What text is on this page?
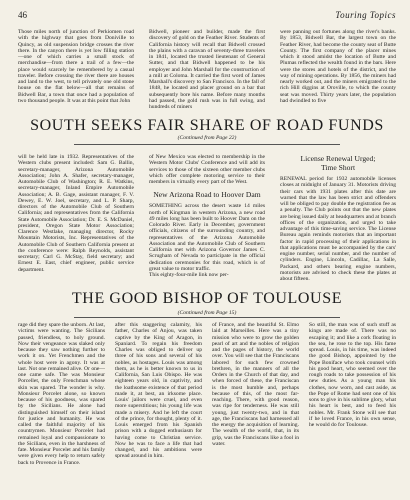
46	Touring Topics

Those miles north of junction of Perkiomen road with the highway that goes from Doniville to Quincy, as old suspension bridge crosses the river there. In the canyon there is yet low filling station—one of which carries a small stock of merchandise—from there a trail of a few—the place would scarcely be remembered by a casual traveler. Before crossing the river there are houses and land to the west, to tell privately one old stone house on the flat below—all that remains of Bidwell Bar, a town that once had a population of two thousand people. It was at this point that John

Bidwell, pioneer and builder, made the first discovery of gold on the Feather River. Students of California history will recall that Bidwell crossed the plains with a caravan of seventy-three travelers in 1841, located the trusted lieutenant of General Sutter, and that Bidwell happened to be his employer and John Marshall for the construction of a mill at Coloma. It carried the first word of James Marshall's discovery to San Francisco. In the fall of 1848, he located and placer ground on a bar that subsequently bore his name. Before many months had passed, the gold rush was in full swing, and hundreds of miners

were panning out fortunes along the river's banks. By 1853, Bidwell Bar, the largest town on the Feather River, had become the county seat of Butte County. The first company of the placer mines which it stood amidst the location of Butte and Plumas reflected the wealth found in the bars. Here were the stores and hotels of the district, and the way of mining operations. By 1856, the miners had nearly worked out, and the miners emigrated to the rich Hill diggins at Oroville, to which the county seat was moved. Thirty years later, the population had dwindled to five

SOUTH SEEKS FAIR SHARE OF ROAD FUNDS
(Continued from Page 22)

will be held late in 1932. Representatives of the Western clubs present included: Sam G. Ballin, secretary-manager, Arizona Automobile Association; John A. Shafer, secretary-manager, Automobile Club of Washington; R. E. Watkins, secretary-manager, Inland Empire Automobile Association; A. B. Gage, assistant manager, F. V. Dewey, E. W. Joel, secretary, and L. P. Sharp, directors of the Automobile Club of Southern California; and representatives from the California State Automobile Association; Dr. E. S. McDaniel, president, Oregon State Motor Association; Clarence Westlake, managing director, Rocky Mountain Motorists, Inc. Representatives of the Automobile Club of Southern California present at the conference were: Ralph Reynolds, assistant secretary; Carl G. McStay, field secretary; and Ernest E. East, chief engineer, public service department.

of New Mexico was elected to membership in the Western Motor Clubs' Conference and will add its services to those of the sixteen other member clubs which offer complete motoring service to their members in virtually every part of the West.

New Arizona Road to Hoover Dam

SOMETHING across the desert waste 14 miles north of Kingman in western Arizona, a new road 49 miles long has been built to Hoover Dam on the Colorado River. Early in December, government officials, citizens of the surrounding country, and representatives of the Arizona Automobile Association and the Automobile Club of Southern California met with Arizona Governor James C. Scrugham of Nevada to participate in the official dedication ceremonies for this road, which is of great value to motor traffic.

This eighty-four-mile link now per-

License Renewal Urged;
Time Short

RENEWAL period for 1932 automobile licenses closes at midnight of January 31. Motorists driving their cars with 1931 plates after this date are warned that the law has been strict and offenders will be obliged to pay double the registration fee as a penalty. The Club points out that the new plates are being issued daily at headquarters and at branch offices of the organization, and urged to take advantage of this time-saving service. The License Bureau again reminds motorists that an important factor in rapid processing of their applications in that applications must be accompanied by the cars' engine number, serial number, and the number of cylinders. Engine, Lincoln, Cadillac, La Salle, Packard, and others bearing engine numbers, motorists are advised to check these the plates at about fifteen.

THE GOOD BISHOP OF TOULOUSE
(Continued from Page 15)

rage did they spare the unborn. At last, victims were wanting. The Sicilians passed, friendless, to holy ground. Now their vengeance was slaked only because they saw nothing further to work it on. Yet Frenchmen and the whole host were in agony. It was at last. Not one remained alive. Or one—one came safe. The was Monsieur Porcellet, the only Frenchman whose skin was spared. The wonder is why. Monsieur Porcelet alone, so known because of his goodness, was spared by the Sicilians. He alone had distinguished himself on their island for justice and humanity. He was called the faithful majority of his countrymen. Monsieur Porcelet had remained loyal and compassionate to the Sicilians, even in the harshness of fate. Monsieur Porcelet and his family were given every help to return safely back to Provence in France.

after this staggering calamity, his father, Charles of Anjou, was taken captive by the King of Aragon, in Spaniard. To regain his freedom Charles was obliged to deliver up three of his sons and several of his nobles, as hostages. Louis was among them, as he is better known to us in California, San Luis Obispo. He was eighteen years old, in captivity, and the loathsome existence of that period made it, at best, an irksome place. Louis' jailors were cruel, and even more superstitious; his young life was made a misery. And he left the court of the prince, for thought, plenty of it. Louis emerged from his Spanish prison with a dogged enthusiasm for having come to Christian service. Now he was to face a life that had changed, and his ambitions were spread around in him.

of France, and the beautiful St. Elmo laid at Marseilles. Here was a tiny mission who were to grow the golden pearl of art and the nobles of religion and the pages of history, the world over. You will see that the Franciscans labored for such few crowned brethren, in the manners of all the Orders in the Church of that day, and when forced of these, the Franciscan is the most humble and, perhaps because of this, of the most far-reaching. There, with good reason, was ripe for tenderness. He was still young, just twenty-two, and in that age, the Franciscans had harnessed all the energy the acquisition of learning. The wealth of the world, that, in its grip, was the Franciscans like a fool in water.

So still, the man was of such stuff as kings are made of. There was no escaping it; and like a cork floating in the sea, he rose to the top. His fame spread. Louis, in his time, was indeed the good Bishop, appointed by the Pope Boniface who took counsel with his good heart, who seemed over the rough roads to take possession of his new duties. As a young man his clothes, now worn, and cast aside, as the Pope of Rome had sent one of his sons to give in his sublime glory, what his heart is best, and to feed his nobles. Mr. Frank Stone will see that if he loved France, in his own sense, he would do for Toulouse.
